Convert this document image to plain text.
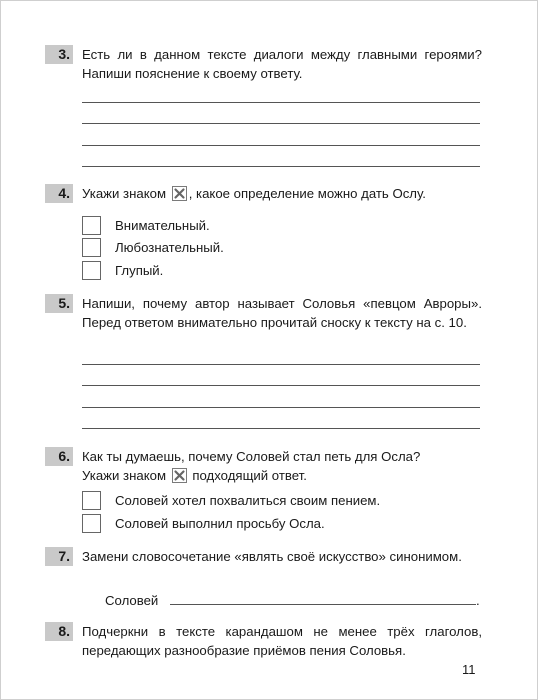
3. Есть ли в данном тексте диалоги между главными героями? Напиши пояснение к своему ответу.
4. Укажи знаком , какое определение можно дать Ослу.
Внимательный.
Любознательный.
Глупый.
5. Напиши, почему автор называет Соловья «певцом Авроры». Перед ответом внимательно прочитай сноску к тексту на с. 10.
6. Как ты думаешь, почему Соловей стал петь для Осла?
Укажи знаком подходящий ответ.
Соловей хотел похвалиться своим пением.
Соловей выполнил просьбу Осла.
7. Замени словосочетание «являть своё искусство» синонимом.
Соловей	.
8. Подчеркни в тексте карандашом не менее трёх глаголов, передающих разнообразие приёмов пения Соловья.
11
